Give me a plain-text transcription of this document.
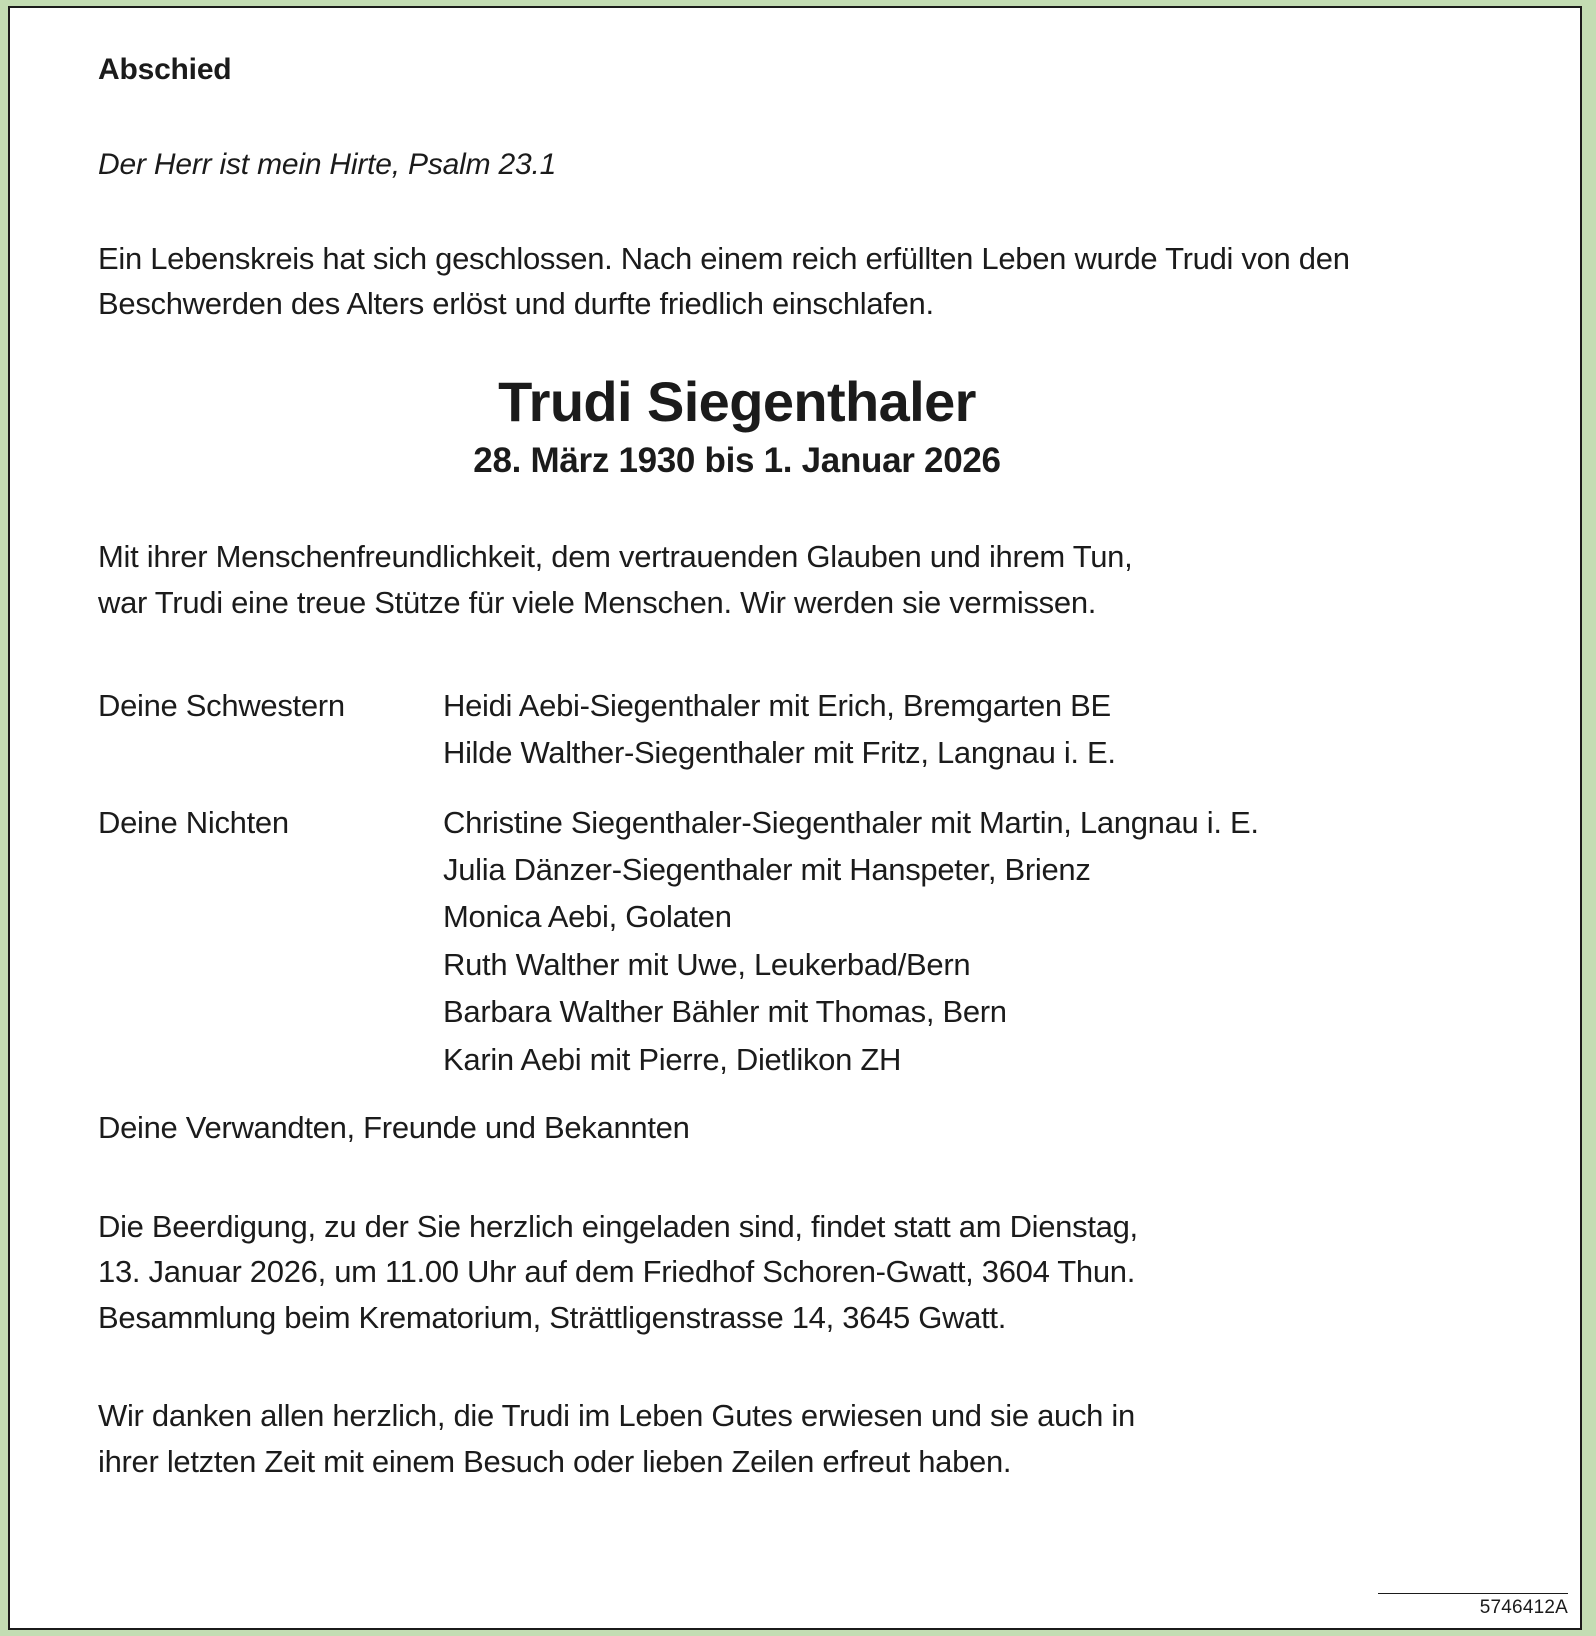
Abschied
Der Herr ist mein Hirte, Psalm 23.1
Ein Lebenskreis hat sich geschlossen. Nach einem reich erfüllten Leben wurde Trudi von den
Beschwerden des Alters erlöst und durfte friedlich einschlafen.
Trudi Siegenthaler
28. März 1930 bis 1. Januar 2026
Mit ihrer Menschenfreundlichkeit, dem vertrauenden Glauben und ihrem Tun,
war Trudi eine treue Stütze für viele Menschen. Wir werden sie vermissen.
Deine Schwestern	Heidi Aebi-Siegenthaler mit Erich, Bremgarten BE
Hilde Walther-Siegenthaler mit Fritz, Langnau i. E.
Deine Nichten	Christine Siegenthaler-Siegenthaler mit Martin, Langnau i. E.
Julia Dänzer-Siegenthaler mit Hanspeter, Brienz
Monica Aebi, Golaten
Ruth Walther mit Uwe, Leukerbad/Bern
Barbara Walther Bähler mit Thomas, Bern
Karin Aebi mit Pierre, Dietlikon ZH
Deine Verwandten, Freunde und Bekannten
Die Beerdigung, zu der Sie herzlich eingeladen sind, findet statt am Dienstag,
13. Januar 2026, um 11.00 Uhr auf dem Friedhof Schoren-Gwatt, 3604 Thun.
Besammlung beim Krematorium, Strättligenstrasse 14, 3645 Gwatt.
Wir danken allen herzlich, die Trudi im Leben Gutes erwiesen und sie auch in
ihrer letzten Zeit mit einem Besuch oder lieben Zeilen erfreut haben.
5746412A
